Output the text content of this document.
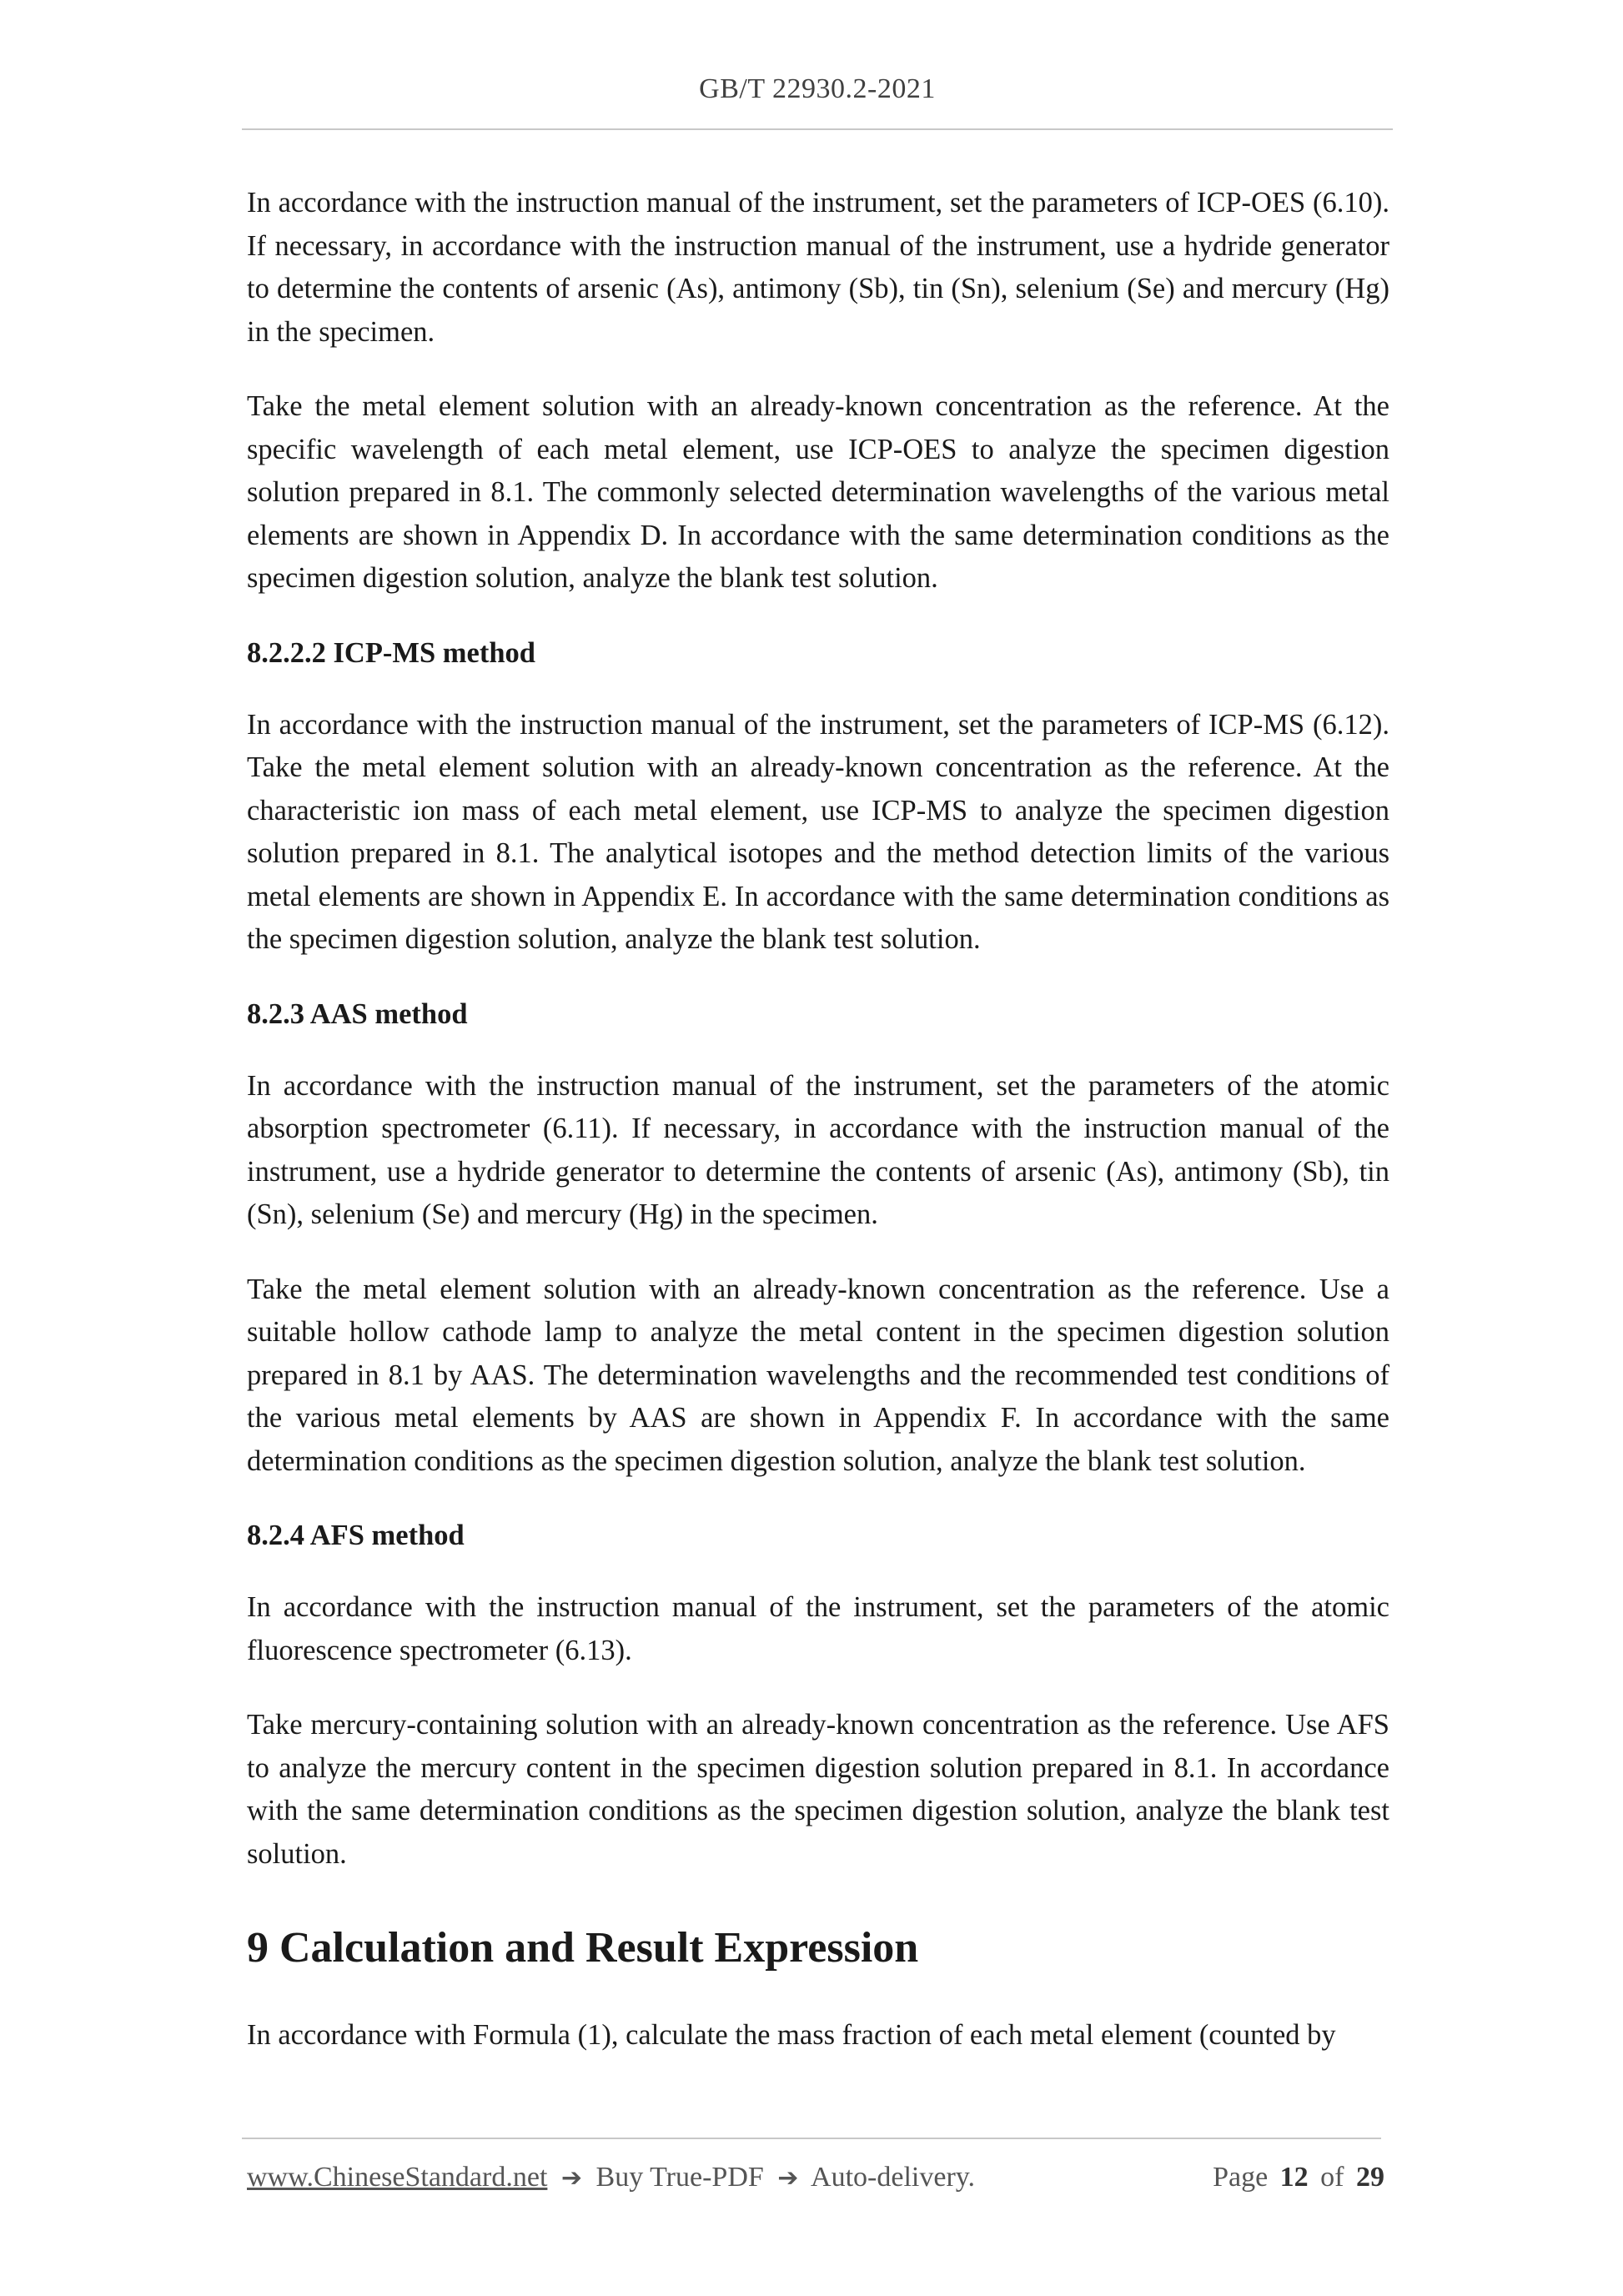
GB/T 22930.2-2021

In accordance with the instruction manual of the instrument, set the parameters of ICP-OES (6.10). If necessary, in accordance with the instruction manual of the instrument, use a hydride generator to determine the contents of arsenic (As), antimony (Sb), tin (Sn), selenium (Se) and mercury (Hg) in the specimen.

Take the metal element solution with an already-known concentration as the reference. At the specific wavelength of each metal element, use ICP-OES to analyze the specimen digestion solution prepared in 8.1. The commonly selected determination wavelengths of the various metal elements are shown in Appendix D. In accordance with the same determination conditions as the specimen digestion solution, analyze the blank test solution.

8.2.2.2 ICP-MS method

In accordance with the instruction manual of the instrument, set the parameters of ICP-MS (6.12). Take the metal element solution with an already-known concentration as the reference. At the characteristic ion mass of each metal element, use ICP-MS to analyze the specimen digestion solution prepared in 8.1. The analytical isotopes and the method detection limits of the various metal elements are shown in Appendix E. In accordance with the same determination conditions as the specimen digestion solution, analyze the blank test solution.

8.2.3 AAS method

In accordance with the instruction manual of the instrument, set the parameters of the atomic absorption spectrometer (6.11). If necessary, in accordance with the instruction manual of the instrument, use a hydride generator to determine the contents of arsenic (As), antimony (Sb), tin (Sn), selenium (Se) and mercury (Hg) in the specimen.

Take the metal element solution with an already-known concentration as the reference. Use a suitable hollow cathode lamp to analyze the metal content in the specimen digestion solution prepared in 8.1 by AAS. The determination wavelengths and the recommended test conditions of the various metal elements by AAS are shown in Appendix F. In accordance with the same determination conditions as the specimen digestion solution, analyze the blank test solution.

8.2.4 AFS method

In accordance with the instruction manual of the instrument, set the parameters of the atomic fluorescence spectrometer (6.13).

Take mercury-containing solution with an already-known concentration as the reference. Use AFS to analyze the mercury content in the specimen digestion solution prepared in 8.1. In accordance with the same determination conditions as the specimen digestion solution, analyze the blank test solution.

9 Calculation and Result Expression

In accordance with Formula (1), calculate the mass fraction of each metal element (counted by

www.ChineseStandard.net ➔ Buy True-PDF ➔ Auto-delivery.	Page 12 of 29
